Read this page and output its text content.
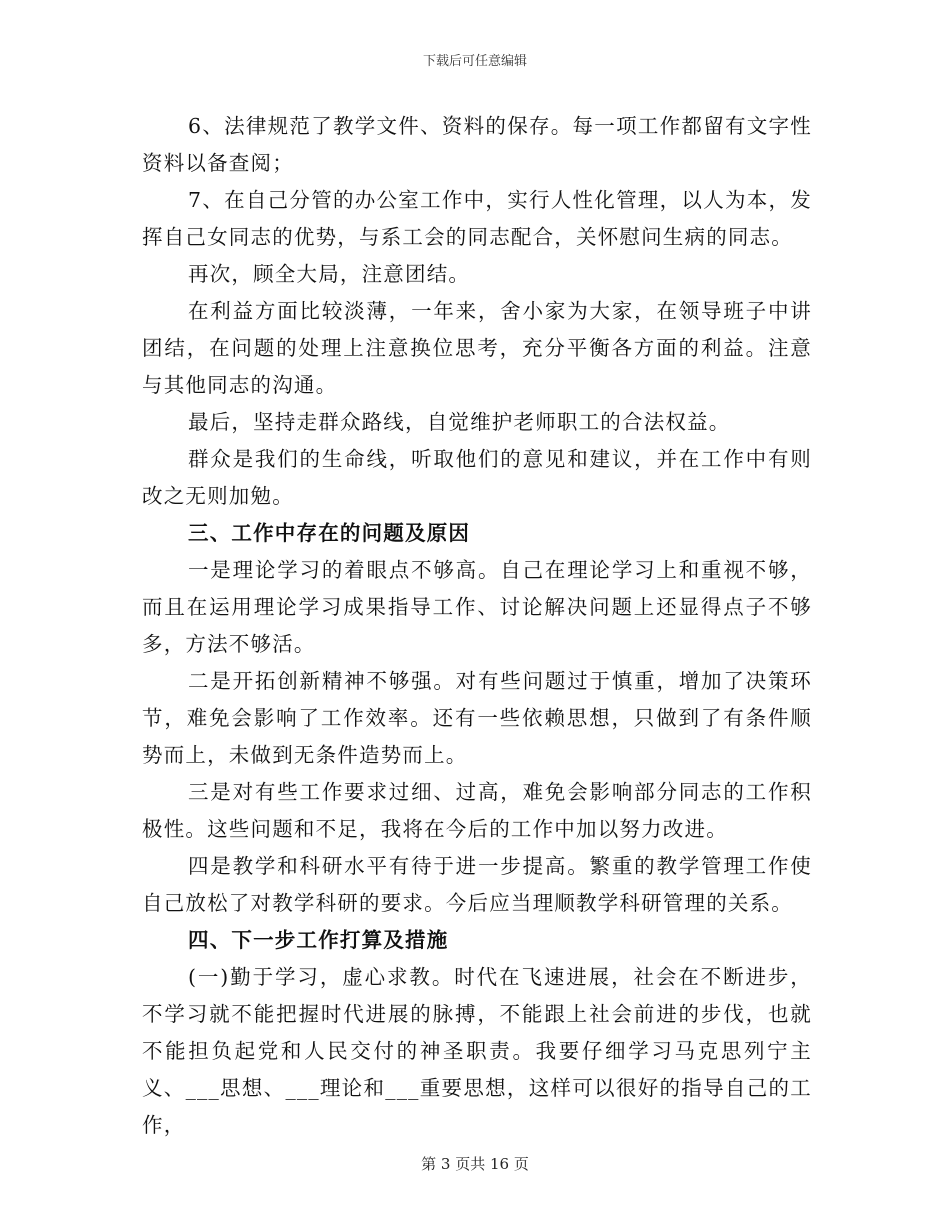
下载后可任意编辑

6、法律规范了教学文件、资料的保存。每一项工作都留有文字性资料以备查阅；

7、在自己分管的办公室工作中，实行人性化管理，以人为本，发挥自己女同志的优势，与系工会的同志配合，关怀慰问生病的同志。

再次，顾全大局，注意团结。

在利益方面比较淡薄，一年来，舍小家为大家，在领导班子中讲团结，在问题的处理上注意换位思考，充分平衡各方面的利益。注意与其他同志的沟通。

最后，坚持走群众路线，自觉维护老师职工的合法权益。

群众是我们的生命线，听取他们的意见和建议，并在工作中有则改之无则加勉。

三、工作中存在的问题及原因

一是理论学习的着眼点不够高。自己在理论学习上和重视不够，而且在运用理论学习成果指导工作、讨论解决问题上还显得点子不够多，方法不够活。

二是开拓创新精神不够强。对有些问题过于慎重，增加了决策环节，难免会影响了工作效率。还有一些依赖思想，只做到了有条件顺势而上，未做到无条件造势而上。

三是对有些工作要求过细、过高，难免会影响部分同志的工作积极性。这些问题和不足，我将在今后的工作中加以努力改进。

四是教学和科研水平有待于进一步提高。繁重的教学管理工作使自己放松了对教学科研的要求。今后应当理顺教学科研管理的关系。

四、下一步工作打算及措施

(一)勤于学习，虚心求教。时代在飞速进展，社会在不断进步，不学习就不能把握时代进展的脉搏，不能跟上社会前进的步伐，也就不能担负起党和人民交付的神圣职责。我要仔细学习马克思列宁主义、___思想、___理论和___重要思想，这样可以很好的指导自己的工作，

第 3 页共 16 页
